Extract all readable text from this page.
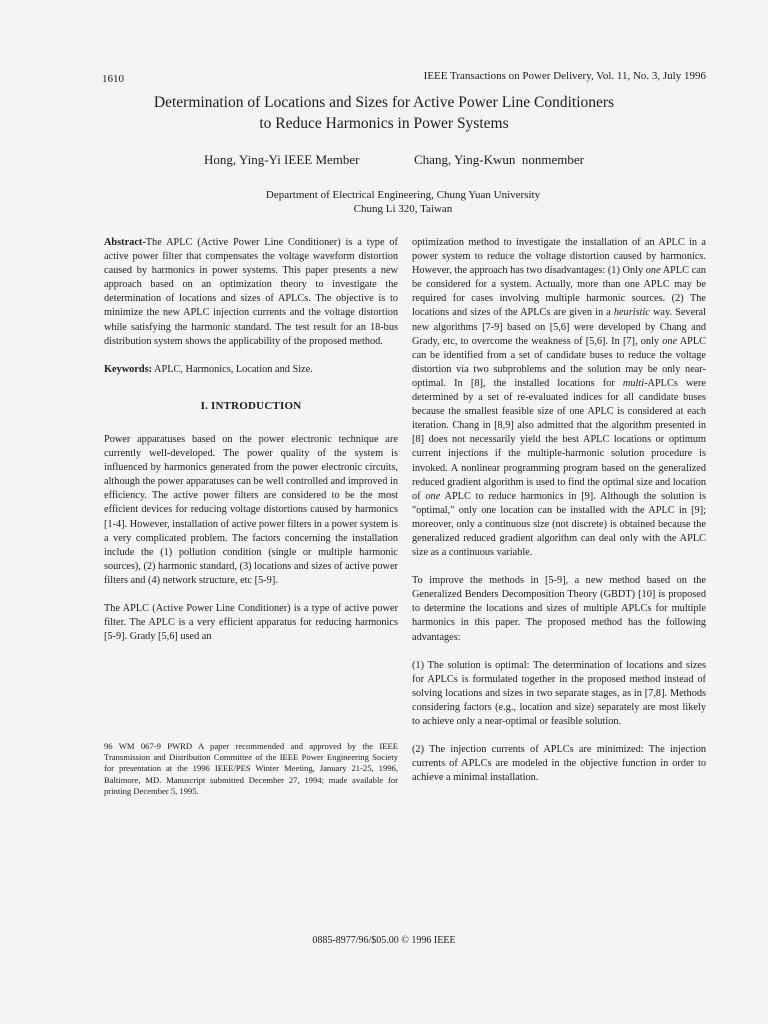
1610	IEEE Transactions on Power Delivery, Vol. 11, No. 3, July 1996
Determination of Locations and Sizes for Active Power Line Conditioners
to Reduce Harmonics in Power Systems
Hong, Ying-Yi IEEE Member	Chang, Ying-Kwun  nonmember
Department of Electrical Engineering, Chung Yuan University
Chung Li 320, Taiwan

Abstract-The APLC (Active Power Line Conditioner) is a type of active power filter that compensates the voltage waveform distortion caused by harmonics in power systems. This paper presents a new approach based on an optimization theory to investigate the determination of locations and sizes of APLCs. The objective is to minimize the new APLC injection currents and the voltage distortion while satisfying the harmonic standard. The test result for an 18-bus distribution system shows the applicability of the proposed method.

Keywords: APLC, Harmonics, Location and Size.

I. INTRODUCTION

Power apparatuses based on the power electronic technique are currently well-developed. The power quality of the system is influenced by harmonics generated from the power electronic circuits, although the power apparatuses can be well controlled and improved in efficiency. The active power filters are considered to be the most efficient devices for reducing voltage distortions caused by harmonics [1-4]. However, installation of active power filters in a power system is a very complicated problem. The factors concerning the installation include the (1) pollution condition (single or multiple harmonic sources), (2) harmonic standard, (3) locations and sizes of active power filters and (4) network structure, etc [5-9].

The APLC (Active Power Line Conditioner) is a type of active power filter. The APLC is a very efficient apparatus for reducing harmonics [5-9]. Grady [5,6] used an

96 WM 067-9 PWRD A paper recommended and approved by the IEEE Transmission and Distribution Committee of the IEEE Power Engineering Society for presentation at the 1996 IEEE/PES Winter Meeting, January 21-25, 1996, Baltimore, MD. Manuscript submitted December 27, 1994; made available for printing December 5, 1995.

optimization method to investigate the installation of an APLC in a power system to reduce the voltage distortion caused by harmonics. However, the approach has two disadvantages: (1) Only one APLC can be considered for a system. Actually, more than one APLC may be required for cases involving multiple harmonic sources. (2) The locations and sizes of the APLCs are given in a heuristic way. Several new algorithms [7-9] based on [5,6] were developed by Chang and Grady, etc, to overcome the weakness of [5,6]. In [7], only one APLC can be identified from a set of candidate buses to reduce the voltage distortion via two subproblems and the solution may be only near-optimal. In [8], the installed locations for multi-APLCs were determined by a set of re-evaluated indices for all candidate buses because the smallest feasible size of one APLC is considered at each iteration. Chang in [8,9] also admitted that the algorithm presented in [8] does not necessarily yield the best APLC locations or optimum current injections if the multiple-harmonic solution procedure is invoked. A nonlinear programming program based on the generalized reduced gradient algorithm is used to find the optimal size and location of one APLC to reduce harmonics in [9]. Although the solution is "optimal," only one location can be installed with the APLC in [9]; moreover, only a continuous size (not discrete) is obtained because the generalized reduced gradient algorithm can deal only with the APLC size as a continuous variable.

To improve the methods in [5-9], a new method based on the Generalized Benders Decomposition Theory (GBDT) [10] is proposed to determine the locations and sizes of multiple APLCs for multiple harmonics in this paper. The proposed method has the following advantages:

(1) The solution is optimal: The determination of locations and sizes for APLCs is formulated together in the proposed method instead of solving locations and sizes in two separate stages, as in [7,8]. Methods considering factors (e.g., location and size) separately are most likely to achieve only a near-optimal or feasible solution.

(2) The injection currents of APLCs are minimized: The injection currents of APLCs are modeled in the objective function in order to achieve a minimal installation.

0885-8977/96/$05.00 © 1996 IEEE
